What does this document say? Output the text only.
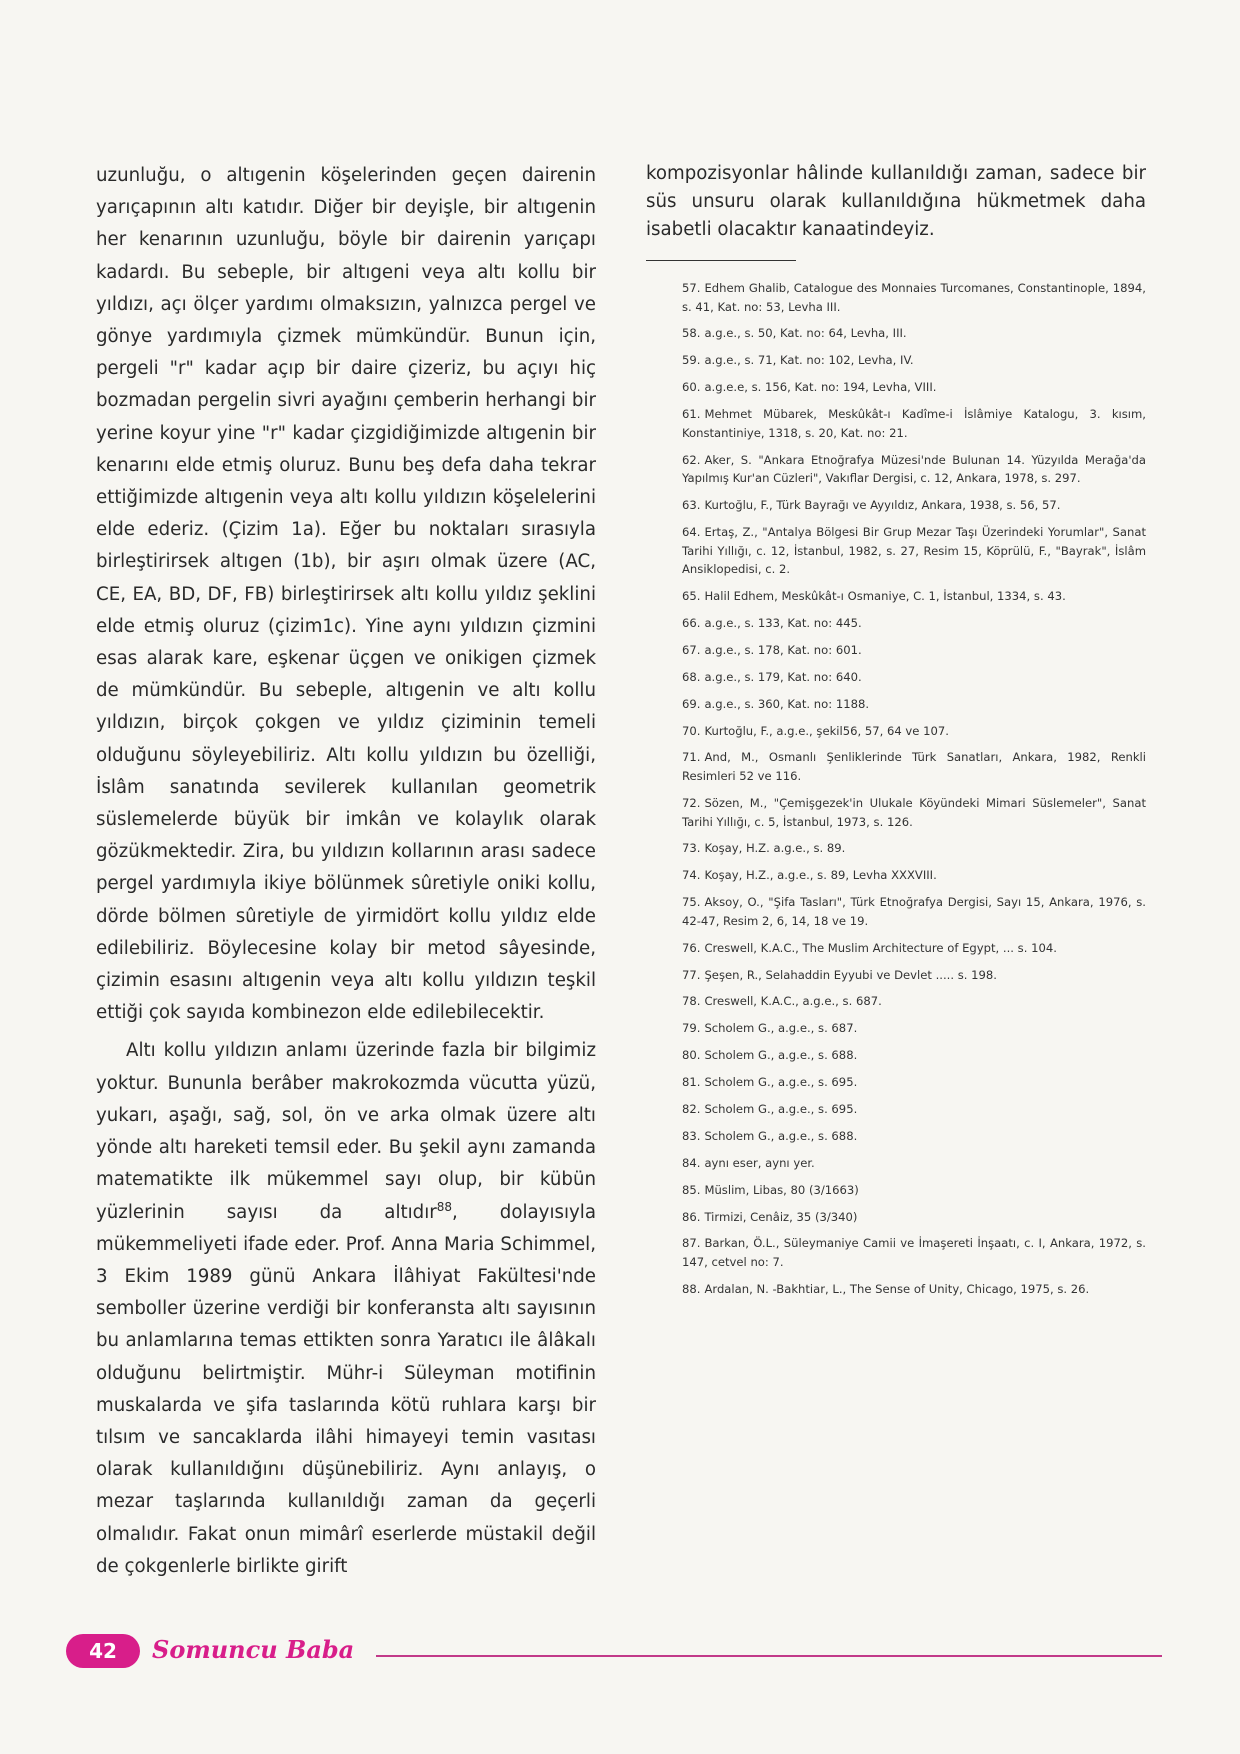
uzunluğu, o altıgenin köşelerinden geçen dairenin yarıçapının altı katıdır. Diğer bir deyişle, bir altıgenin her kenarının uzunluğu, böyle bir dairenin yarıçapı kadardı. Bu sebeple, bir altıgeni veya altı kollu bir yıldızı, açı ölçer yardımı olmaksızın, yalnızca pergel ve gönye yardımıyla çizmek mümkündür. Bunun için, pergeli "r" kadar açıp bir daire çizeriz, bu açıyı hiç bozmadan pergelin sivri ayağını çemberin herhangi bir yerine koyur yine "r" kadar çizgidiğimizde altıgenin bir kenarını elde etmiş oluruz. Bunu beş defa daha tekrar ettiğimizde altıgenin veya altı kollu yıldızın köşelelerini elde ederiz. (Çizim 1a). Eğer bu noktaları sırasıyla birleştirirsek altıgen (1b), bir aşırı olmak üzere (AC, CE, EA, BD, DF, FB) birleştirirsek altı kollu yıldız şeklini elde etmiş oluruz (çizim1c). Yine aynı yıldızın çizmini esas alarak kare, eşkenar üçgen ve onikigen çizmek de mümkündür. Bu sebeple, altıgenin ve altı kollu yıldızın, birçok çokgen ve yıldız çiziminin temeli olduğunu söyleyebiliriz. Altı kollu yıldızın bu özelliği, İslâm sanatında sevilerek kullanılan geometrik süslemelerde büyük bir imkân ve kolaylık olarak gözükmektedir. Zira, bu yıldızın kollarının arası sadece pergel yardımıyla ikiye bölünmek sûretiyle oniki kollu, dörde bölmen sûretiyle de yirmidört kollu yıldız elde edilebiliriz. Böylecesine kolay bir metod sâyesinde, çizimin esasını altıgenin veya altı kollu yıldızın teşkil ettiği çok sayıda kombinezon elde edilebilecektir.

Altı kollu yıldızın anlamı üzerinde fazla bir bilgimiz yoktur. Bununla berâber makrokozmda vücutta yüzü, yukarı, aşağı, sağ, sol, ön ve arka olmak üzere altı yönde altı hareketi temsil eder. Bu şekil aynı zamanda matematikte ilk mükemmel sayı olup, bir kübün yüzlerinin sayısı da altıdır$^{88}$, dolayısıyla mükemmeliyeti ifade eder. Prof. Anna Maria Schimmel, 3 Ekim 1989 günü Ankara İlâhiyat Fakültesi'nde semboller üzerine verdiği bir konferansta altı sayısının bu anlamlarına temas ettikten sonra Yaratıcı ile âlâkalı olduğunu belirtmiştir. Mühr-i Süleyman motifinin muskalarda ve şifa taslarında kötü ruhlara karşı bir tılsım ve sancaklarda ilâhi himayeyi temin vasıtası olarak kullanıldığını düşünebiliriz. Aynı anlayış, o mezar taşlarında kullanıldığı zaman da geçerli olmalıdır. Fakat onun mimârî eserlerde müstakil değil de çokgenlerle birlikte girift

kompozisyonlar hâlinde kullanıldığı zaman, sadece bir süs unsuru olarak kullanıldığına hükmetmek daha isabetli olacaktır kanaatindeyiz.

57. Edhem Ghalib, Catalogue des Monnaies Turcomanes, Constantinople, 1894, s. 41, Kat. no: 53, Levha III.
58. a.g.e., s. 50, Kat. no: 64, Levha, III.
59. a.g.e., s. 71, Kat. no: 102, Levha, IV.
60. a.g.e.e, s. 156, Kat. no: 194, Levha, VIII.
61. Mehmet Mübarek, Meskûkât-ı Kadîme-i İslâmiye Katalogu, 3. kısım, Konstantiniye, 1318, s. 20, Kat. no: 21.
62. Aker, S. "Ankara Etnoğrafya Müzesi'nde Bulunan 14. Yüzyılda Merağa'da Yapılmış Kur'an Cüzleri", Vakıflar Dergisi, c. 12, Ankara, 1978, s. 297.
63. Kurtoğlu, F., Türk Bayrağı ve Ayyıldız, Ankara, 1938, s. 56, 57.
64. Ertaş, Z., "Antalya Bölgesi Bir Grup Mezar Taşı Üzerindeki Yorumlar", Sanat Tarihi Yıllığı, c. 12, İstanbul, 1982, s. 27, Resim 15, Köprülü, F., "Bayrak", İslâm Ansiklopedisi, c. 2.
65. Halil Edhem, Meskûkât-ı Osmaniye, C. 1, İstanbul, 1334, s. 43.
66. a.g.e., s. 133, Kat. no: 445.
67. a.g.e., s. 178, Kat. no: 601.
68. a.g.e., s. 179, Kat. no: 640.
69. a.g.e., s. 360, Kat. no: 1188.
70. Kurtoğlu, F., a.g.e., şekil56, 57, 64 ve 107.
71. And, M., Osmanlı Şenliklerinde Türk Sanatları, Ankara, 1982, Renkli Resimleri 52 ve 116.
72. Sözen, M., "Çemişgezek'in Ulukale Köyündeki Mimari Süslemeler", Sanat Tarihi Yıllığı, c. 5, İstanbul, 1973, s. 126.
73. Koşay, H.Z. a.g.e., s. 89.
74. Koşay, H.Z., a.g.e., s. 89, Levha XXXVIII.
75. Aksoy, O., "Şifa Tasları", Türk Etnoğrafya Dergisi, Sayı 15, Ankara, 1976, s. 42-47, Resim 2, 6, 14, 18 ve 19.
76. Creswell, K.A.C., The Muslim Architecture of Egypt, ... s. 104.
77. Şeşen, R., Selahaddin Eyyubi ve Devlet ..... s. 198.
78. Creswell, K.A.C., a.g.e., s. 687.
79. Scholem G., a.g.e., s. 687.
80. Scholem G., a.g.e., s. 688.
81. Scholem G., a.g.e., s. 695.
82. Scholem G., a.g.e., s. 695.
83. Scholem G., a.g.e., s. 688.
84. aynı eser, aynı yer.
85. Müslim, Libas, 80 (3/1663)
86. Tirmizi, Cenâiz, 35 (3/340)
87. Barkan, Ö.L., Süleymaniye Camii ve İmaşereti İnşaatı, c. I, Ankara, 1972, s. 147, cetvel no: 7.
88. Ardalan, N. -Bakhtiar, L., The Sense of Unity, Chicago, 1975, s. 26.
42	Somuncu Baba
